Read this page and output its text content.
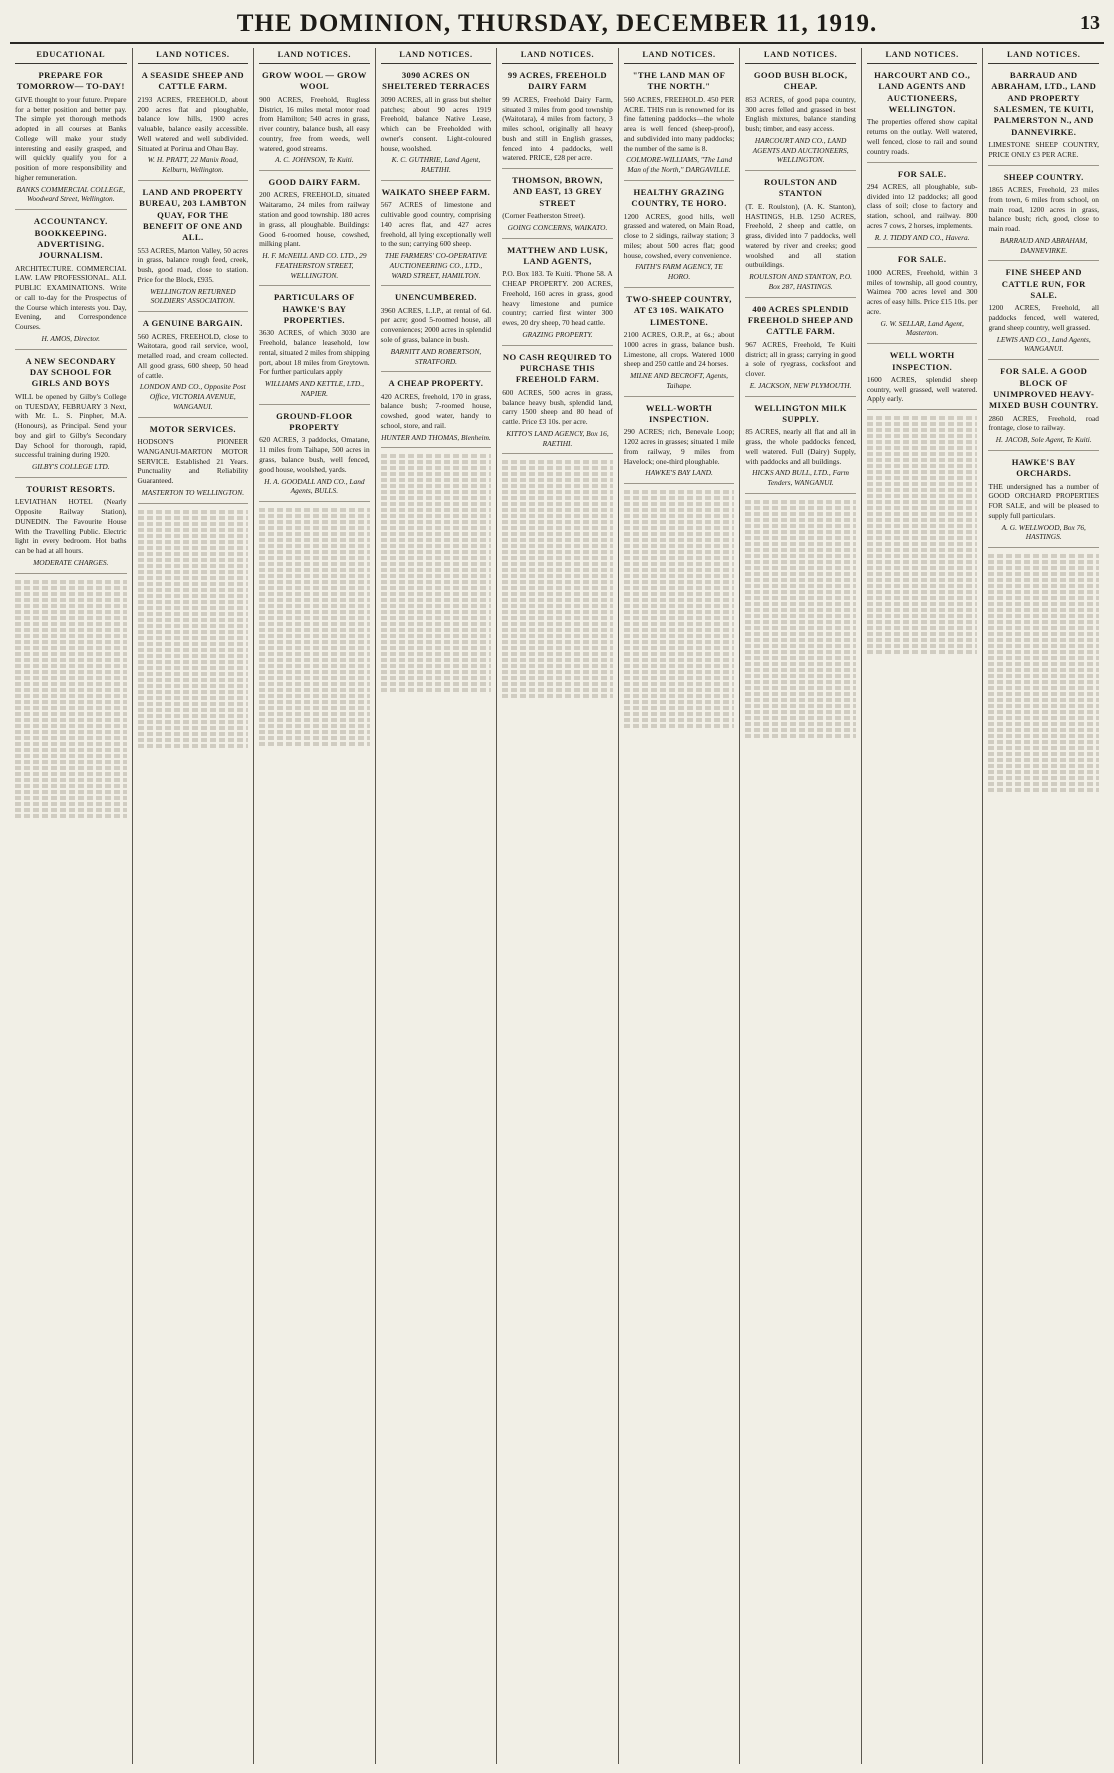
THE DOMINION, THURSDAY, DECEMBER 11, 1919.	13
EDUCATIONAL
PREPARE FOR TOMORROW— TO-DAY!

GIVE thought to your future. Prepare for a better position and better pay. The simple yet thorough methods adopted in all courses at Banks College will make your study interesting and easily grasped, and will quickly qualify you for a position of more responsibility and higher remuneration.

BANKS COMMERCIAL COLLEGE, Woodward Street, Wellington.
ACCOUNTANCY. BOOKKEEPING. ADVERTISING. JOURNALISM.

ARCHITECTURE. COMMERCIAL LAW. LAW PROFESSIONAL. ALL PUBLIC EXAMINATIONS. Write or call to-day for the Prospectus of the Course which interests you. Day, Evening, and Correspondence Courses.

H. AMOS, Director.
A NEW SECONDARY DAY SCHOOL FOR GIRLS AND BOYS

WILL be opened by Gilby's College on TUESDAY, FEBRUARY 3 Next, with Mr. L. S. Pinpher, M.A. (Honours), as Principal. Send your boy and girl to Gilby's Secondary Day School for thorough, rapid, successful training during 1920.

GILBY'S COLLEGE LTD.
TOURIST RESORTS.

LEVIATHAN HOTEL (Nearly Opposite Railway Station), DUNEDIN. The Favourite House With the Travelling Public. Electric light in every bedroom. Hot baths can be had at all hours.

MODERATE CHARGES.
LAND NOTICES.
A SEASIDE SHEEP AND CATTLE FARM.

2193 ACRES, FREEHOLD, about 200 acres flat and ploughable, balance low hills, 1900 acres valuable, balance easily accessible. Well watered and well subdivided. Situated at Porirua and Ohau Bay.

W. H. PRATT, 22 Manix Road, Kelburn, Wellington.
LAND AND PROPERTY BUREAU, 203 LAMBTON QUAY, FOR THE BENEFIT OF ONE AND ALL.

553 ACRES, Marton Valley, 50 acres in grass, balance rough feed, creek, bush, good road, close to station. Price for the Block, £935.

WELLINGTON RETURNED SOLDIERS' ASSOCIATION.
A GENUINE BARGAIN.

560 ACRES, FREEHOLD, close to Waitotara, good rail service, wool, metalled road, and cream collected. All good grass, 600 sheep, 50 head of cattle.

LONDON AND CO., Opposite Post Office, VICTORIA AVENUE, WANGANUI.
MOTOR SERVICES.

HODSON'S PIONEER WANGANUI-MARTON MOTOR SERVICE. Established 21 Years. Punctuality and Reliability Guaranteed.

MASTERTON TO WELLINGTON.
LAND NOTICES.
GROW WOOL — GROW WOOL

900 ACRES, Freehold, Rugless District, 16 miles metal motor road from Hamilton; 540 acres in grass, river country, balance bush, all easy country, free from weeds, well watered, good streams.

A. C. JOHNSON, Te Kuiti.
GOOD DAIRY FARM.

200 ACRES, FREEHOLD, situated Waitaramo, 24 miles from railway station and good township. 180 acres in grass, all ploughable. Buildings: Good 6-roomed house, cowshed, milking plant.

H. F. McNEILL AND CO. LTD., 29 FEATHERSTON STREET, WELLINGTON.
PARTICULARS OF HAWKE'S BAY PROPERTIES.

3630 ACRES, of which 3030 are Freehold, balance leasehold, low rental, situated 2 miles from shipping port, about 18 miles from Greytown. For further particulars apply

WILLIAMS AND KETTLE, LTD., NAPIER.
GROUND-FLOOR PROPERTY

620 ACRES, 3 paddocks, Omatane, 11 miles from Taihape, 500 acres in grass, balance bush, well fenced, good house, woolshed, yards.

H. A. GOODALL AND CO., Land Agents, BULLS.
LAND NOTICES.
3090 ACRES ON SHELTERED TERRACES

3090 ACRES, all in grass but shelter patches; about 90 acres 1919 Freehold, balance Native Lease, which can be Freeholded with owner's consent. Light-coloured house, woolshed.

K. C. GUTHRIE, Land Agent, RAETIHI.
WAIKATO SHEEP FARM.

567 ACRES of limestone and cultivable good country, comprising 140 acres flat, and 427 acres freehold, all lying exceptionally well to the sun; carrying 600 sheep.

THE FARMERS' CO-OPERATIVE AUCTIONEERING CO., LTD., WARD STREET, HAMILTON.
UNENCUMBERED.

3960 ACRES, L.I.P., at rental of 6d. per acre; good 5-roomed house, all conveniences; 2000 acres in splendid sole of grass, balance in bush.

BARNITT AND ROBERTSON, STRATFORD.
A CHEAP PROPERTY.

420 ACRES, freehold, 170 in grass, balance bush; 7-roomed house, cowshed, good water, handy to school, store, and rail.

HUNTER AND THOMAS, Blenheim.
LAND NOTICES.
99 ACRES, FREEHOLD DAIRY FARM

99 ACRES, Freehold Dairy Farm, situated 3 miles from good township (Waitotara), 4 miles from factory, 3 miles school, originally all heavy bush and still in English grasses, fenced into 4 paddocks, well watered. PRICE, £28 per acre.

THOMSON, BROWN, AND EAST, 13 GREY STREET

(Corner Featherston Street).

GOING CONCERNS, WAIKATO.
MATTHEW AND LUSK, LAND AGENTS,

P.O. Box 183. Te Kuiti. 'Phone 58. A CHEAP PROPERTY. 200 ACRES, Freehold, 160 acres in grass, good heavy limestone and pumice country; carried first winter 300 ewes, 20 dry sheep, 70 head cattle.

GRAZING PROPERTY.
NO CASH REQUIRED TO PURCHASE THIS FREEHOLD FARM.

600 ACRES, 500 acres in grass, balance heavy bush, splendid land, carry 1500 sheep and 80 head of cattle. Price £3 10s. per acre.

KITTO'S LAND AGENCY, Box 16, RAETIHI.
LAND NOTICES.
"THE LAND MAN OF THE NORTH."

560 ACRES, FREEHOLD. 450 PER ACRE. THIS run is renowned for its fine fattening paddocks—the whole area is well fenced (sheep-proof), and subdivided into many paddocks; the number of the same is 8.

COLMORE-WILLIAMS, "The Land Man of the North," DARGAVILLE.
HEALTHY GRAZING COUNTRY, TE HORO.

1200 ACRES, good hills, well grassed and watered, on Main Road, close to 2 sidings, railway station; 3 miles; about 500 acres flat; good house, cowshed, every convenience.

FAITH'S FARM AGENCY, TE HORO.
TWO-SHEEP COUNTRY, AT £3 10S. WAIKATO LIMESTONE.

2100 ACRES, O.R.P., at 6s.; about 1000 acres in grass, balance bush. Limestone, all crops. Watered 1000 sheep and 250 cattle and 24 horses.

MILNE AND BECROFT, Agents, Taihape.
WELL-WORTH INSPECTION.

290 ACRES; rich, Benevale Loop; 1202 acres in grasses; situated 1 mile from railway, 9 miles from Havelock; one-third ploughable.

HAWKE'S BAY LAND.
LAND NOTICES.
GOOD BUSH BLOCK, CHEAP.

853 ACRES, of good papa country, 300 acres felled and grassed in best English mixtures, balance standing bush; timber, and easy access.

HARCOURT AND CO., LAND AGENTS AND AUCTIONEERS, WELLINGTON.
ROULSTON AND STANTON

(T. E. Roulston), (A. K. Stanton), HASTINGS, H.B. 1250 ACRES, Freehold, 2 sheep and cattle, on grass, divided into 7 paddocks, well watered by river and creeks; good woolshed and all station outbuildings.

ROULSTON AND STANTON, P.O. Box 287, HASTINGS.
400 ACRES SPLENDID FREEHOLD SHEEP AND CATTLE FARM.

967 ACRES, Freehold, Te Kuiti district; all in grass; carrying in good a sole of ryegrass, cocksfoot and clover.

E. JACKSON, NEW PLYMOUTH.
WELLINGTON MILK SUPPLY.

85 ACRES, nearly all flat and all in grass, the whole paddocks fenced, well watered. Full (Dairy) Supply, with paddocks and all buildings.

HICKS AND BULL, LTD., Farm Tenders, WANGANUI.
LAND NOTICES.
HARCOURT AND CO., LAND AGENTS AND AUCTIONEERS, WELLINGTON.

The properties offered show capital returns on the outlay. Well watered, well fenced, close to rail and sound country roads.

FOR SALE.

294 ACRES, all ploughable, sub-divided into 12 paddocks; all good class of soil; close to factory and station, school, and railway. 800 acres 7 cows, 2 horses, implements.

R. J. TIDDY AND CO., Havera.
FOR SALE.

1000 ACRES, Freehold, within 3 miles of township, all good country, Waimea 700 acres level and 300 acres of easy hills. Price £15 10s. per acre.

G. W. SELLAR, Land Agent, Masterton.
WELL WORTH INSPECTION.

1600 ACRES, splendid sheep country, well grassed, well watered. Apply early.

LAND NOTICES.
BARRAUD AND ABRAHAM, LTD., LAND AND PROPERTY SALESMEN, TE KUITI, PALMERSTON N., AND DANNEVIRKE.

LIMESTONE SHEEP COUNTRY, PRICE ONLY £3 PER ACRE.

SHEEP COUNTRY.

1865 ACRES, Freehold, 23 miles from town, 6 miles from school, on main road, 1200 acres in grass, balance bush; rich, good, close to main road.

BARRAUD AND ABRAHAM, DANNEVIRKE.
FINE SHEEP AND CATTLE RUN, FOR SALE.

1200 ACRES, Freehold, all paddocks fenced, well watered, grand sheep country, well grassed.

LEWIS AND CO., Land Agents, WANGANUI.
FOR SALE. A GOOD BLOCK OF UNIMPROVED HEAVY-MIXED BUSH COUNTRY.

2860 ACRES, Freehold, road frontage, close to railway.

H. JACOB, Sole Agent, Te Kuiti.
HAWKE'S BAY ORCHARDS.

THE undersigned has a number of GOOD ORCHARD PROPERTIES FOR SALE, and will be pleased to supply full particulars.

A. G. WELLWOOD, Box 76, HASTINGS.
